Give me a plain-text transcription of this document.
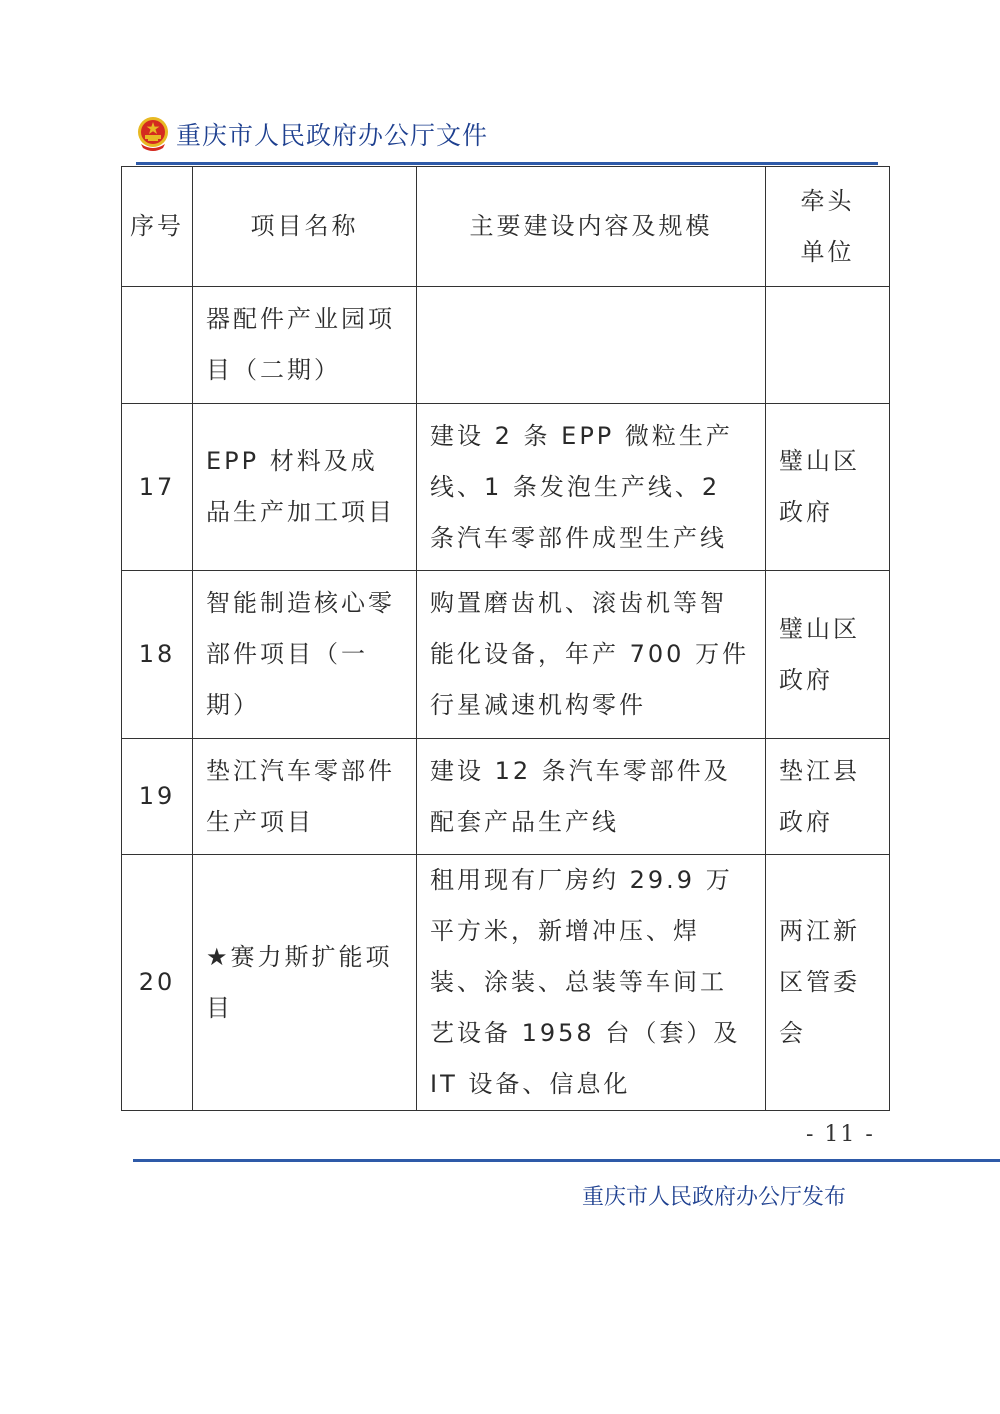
重庆市人民政府办公厅文件
序号	项目名称	主要建设内容及规模	牵头单位
	器配件产业园项目（二期）		
17	EPP 材料及成品生产加工项目	建设 2 条 EPP 微粒生产线、1 条发泡生产线、2 条汽车零部件成型生产线	璧山区政府
18	智能制造核心零部件项目（一期）	购置磨齿机、滚齿机等智能化设备，年产 700 万件行星减速机构零件	璧山区政府
19	垫江汽车零部件生产项目	建设 12 条汽车零部件及配套产品生产线	垫江县政府
20	★赛力斯扩能项目	租用现有厂房约 29.9 万平方米，新增冲压、焊装、涂装、总装等车间工艺设备 1958 台（套）及 IT 设备、信息化	两江新区管委会
- 11 -
重庆市人民政府办公厅发布
